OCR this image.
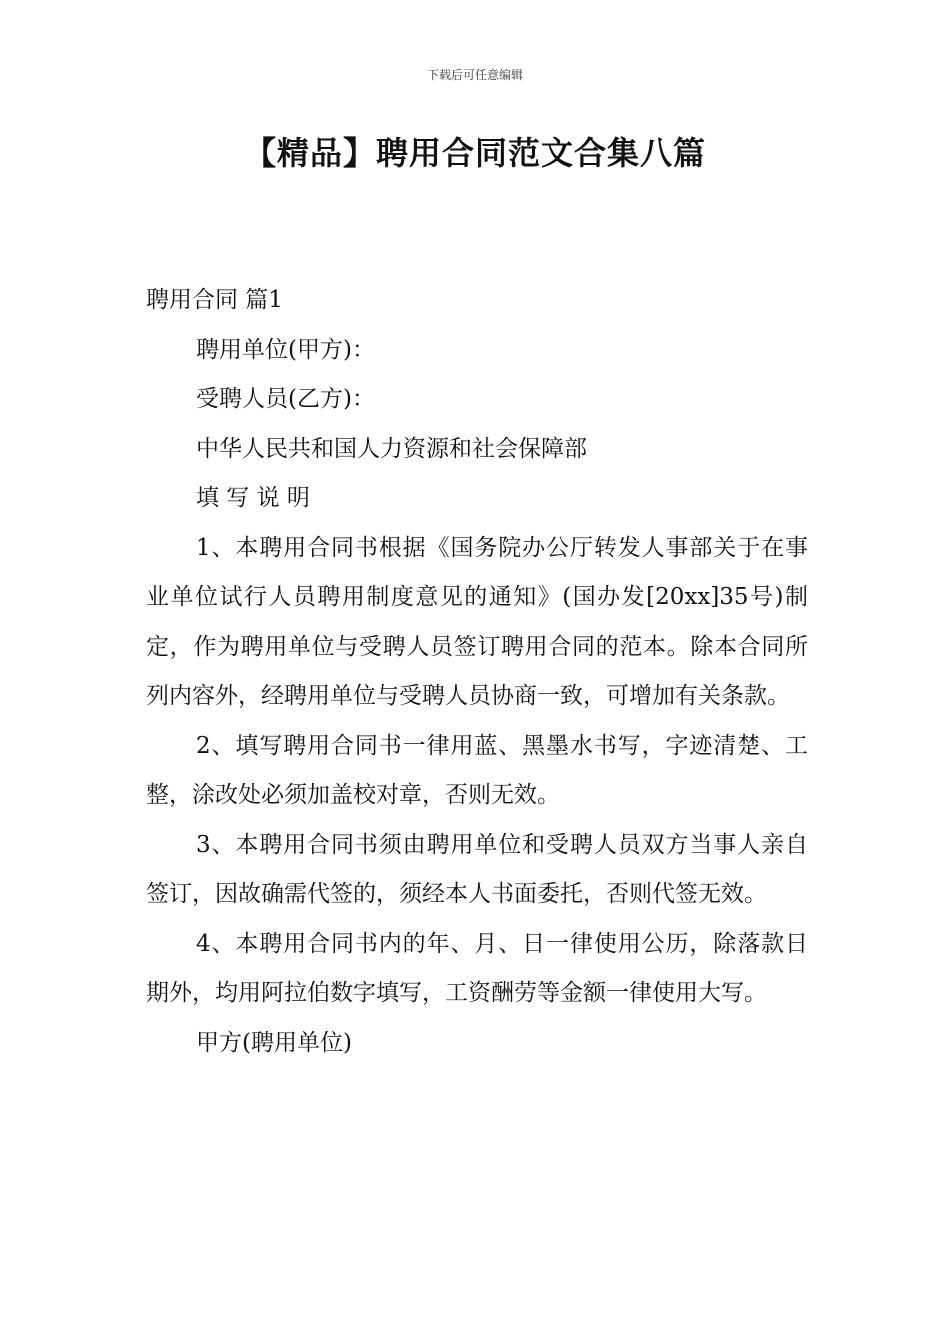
下载后可任意编辑
【精品】聘用合同范文合集八篇

聘用合同 篇1

聘用单位(甲方)：

受聘人员(乙方)：

中华人民共和国人力资源和社会保障部

填 写 说 明

1、本聘用合同书根据《国务院办公厅转发人事部关于在事业单位试行人员聘用制度意见的通知》(国办发[20xx]35号)制定，作为聘用单位与受聘人员签订聘用合同的范本。除本合同所列内容外，经聘用单位与受聘人员协商一致，可增加有关条款。

2、填写聘用合同书一律用蓝、黑墨水书写，字迹清楚、工整，涂改处必须加盖校对章，否则无效。

3、本聘用合同书须由聘用单位和受聘人员双方当事人亲自签订，因故确需代签的，须经本人书面委托，否则代签无效。

4、本聘用合同书内的年、月、日一律使用公历，除落款日期外，均用阿拉伯数字填写，工资酬劳等金额一律使用大写。

甲方(聘用单位)
